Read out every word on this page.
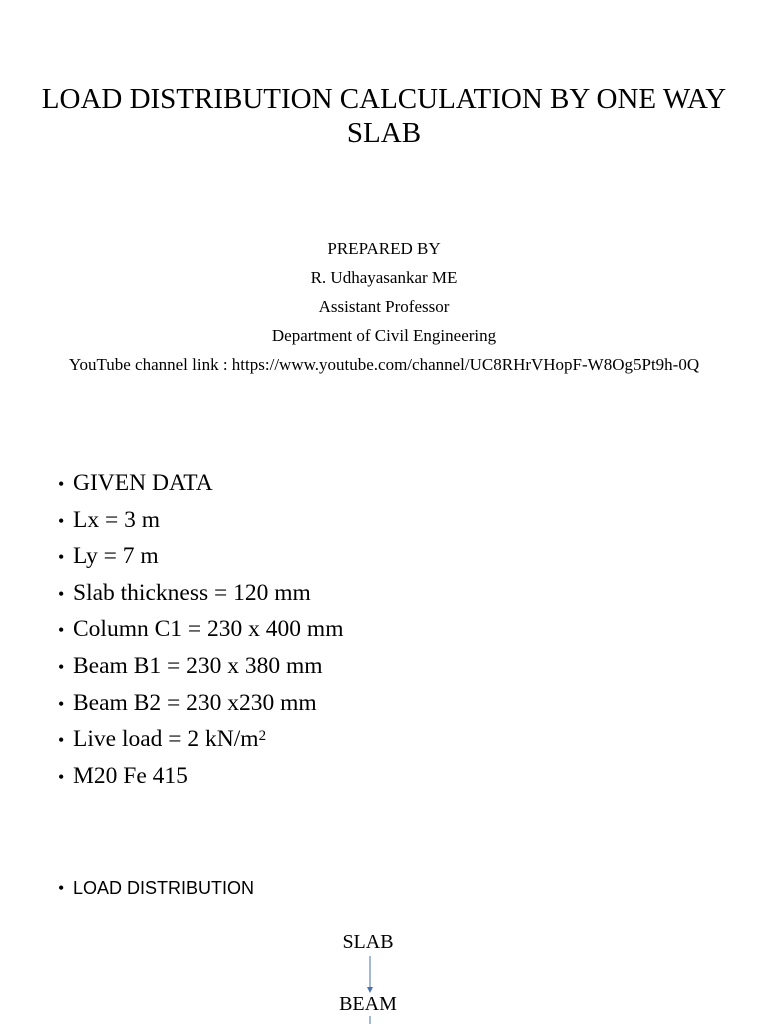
LOAD DISTRIBUTION CALCULATION BY ONE WAY
SLAB
PREPARED BY
R. Udhayasankar ME
Assistant Professor
Department of Civil Engineering
YouTube channel link : https://www.youtube.com/channel/UC8RHrVHopF-W8Og5Pt9h-0Q
• GIVEN DATA
• Lx = 3 m
• Ly = 7 m
• Slab thickness = 120 mm
• Column C1 = 230 x 400 mm
• Beam B1 = 230 x 380 mm
• Beam B2 = 230 x230 mm
• Live load = 2 $kN/m^2$
• M20 Fe 415
• LOAD DISTRIBUTION
SLAB
BEAM
